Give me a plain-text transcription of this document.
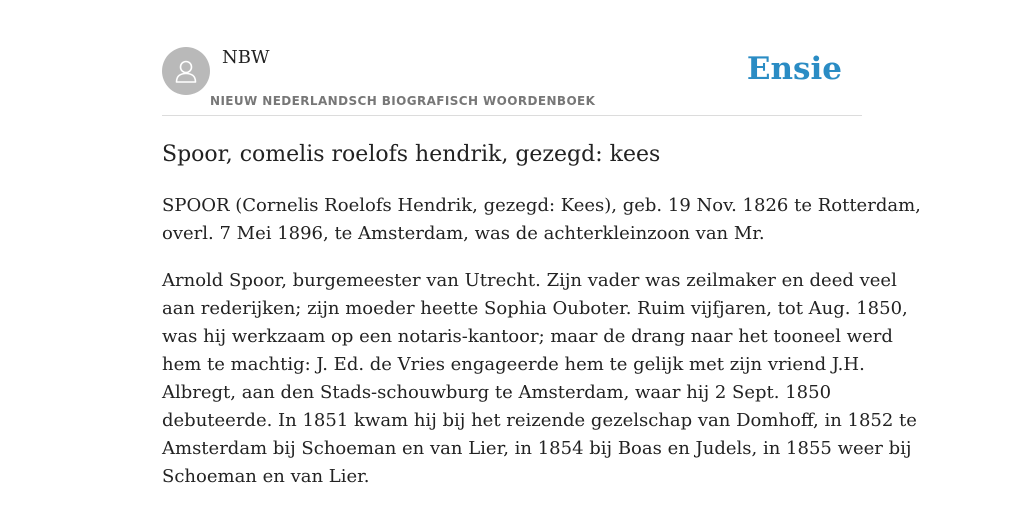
NBW
NIEUW NEDERLANDSCH BIOGRAFISCH WOORDENBOEK
Ensie
Spoor, comelis roelofs hendrik, gezegd: kees

SPOOR (Cornelis Roelofs Hendrik, gezegd: Kees), geb. 19 Nov. 1826 te Rotterdam,
overl. 7 Mei 1896, te Amsterdam, was de achterkleinzoon van Mr.

Arnold Spoor, burgemeester van Utrecht. Zijn vader was zeilmaker en deed veel
aan rederijken; zijn moeder heette Sophia Ouboter. Ruim vijfjaren, tot Aug. 1850,
was hij werkzaam op een notaris-kantoor; maar de drang naar het tooneel werd
hem te machtig: J. Ed. de Vries engageerde hem te gelijk met zijn vriend J.H.
Albregt, aan den Stads-schouwburg te Amsterdam, waar hij 2 Sept. 1850
debuteerde. In 1851 kwam hij bij het reizende gezelschap van Domhoff, in 1852 te
Amsterdam bij Schoeman en van Lier, in 1854 bij Boas en Judels, in 1855 weer bij
Schoeman en van Lier.
